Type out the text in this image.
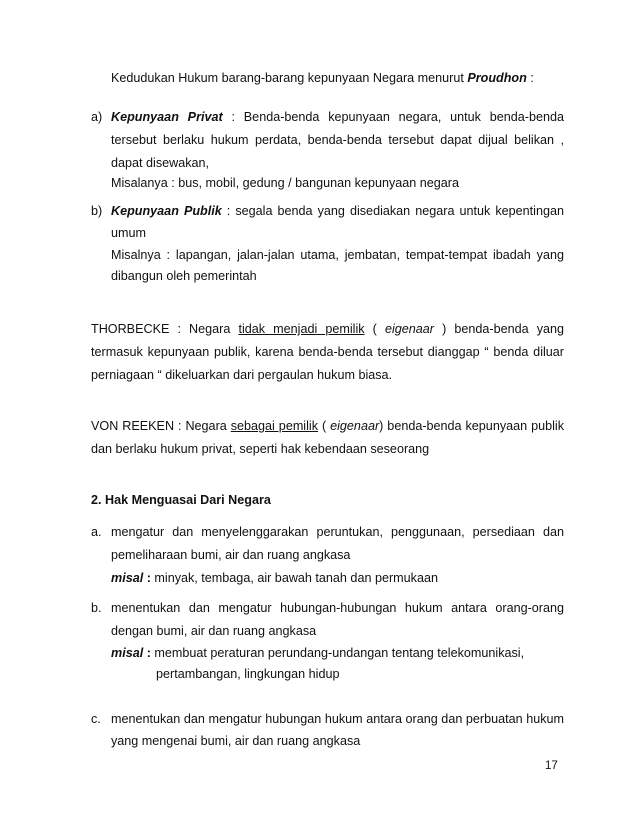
Kedudukan Hukum barang-barang kepunyaan Negara menurut Proudhon :
a) Kepunyaan Privat : Benda-benda kepunyaan negara, untuk benda-benda
tersebut berlaku hukum perdata, benda-benda tersebut dapat dijual belikan ,
dapat disewakan,
Misalanya : bus, mobil, gedung / bangunan kepunyaan negara
b) Kepunyaan Publik : segala benda yang disediakan negara untuk kepentingan
umum
Misalnya : lapangan, jalan-jalan utama, jembatan, tempat-tempat ibadah yang
dibangun oleh pemerintah
THORBECKE : Negara tidak menjadi pemilik ( eigenaar ) benda-benda yang
termasuk kepunyaan publik, karena benda-benda tersebut dianggap “ benda diluar
perniagaan “ dikeluarkan dari pergaulan hukum biasa.
VON REEKEN : Negara sebagai pemilik ( eigenaar) benda-benda kepunyaan publik
dan berlaku hukum privat, seperti hak kebendaan seseorang
2. Hak Menguasai Dari Negara
a. mengatur dan menyelenggarakan peruntukan, penggunaan, persediaan dan
pemeliharaan bumi, air dan ruang angkasa
misal : minyak, tembaga, air bawah tanah dan permukaan
b. menentukan dan mengatur hubungan-hubungan hukum antara orang-orang
dengan bumi, air dan ruang angkasa
misal : membuat peraturan perundang-undangan tentang telekomunikasi,
pertambangan, lingkungan hidup
c. menentukan dan mengatur hubungan hukum antara orang dan perbuatan hukum
yang mengenai bumi, air dan ruang angkasa
17
